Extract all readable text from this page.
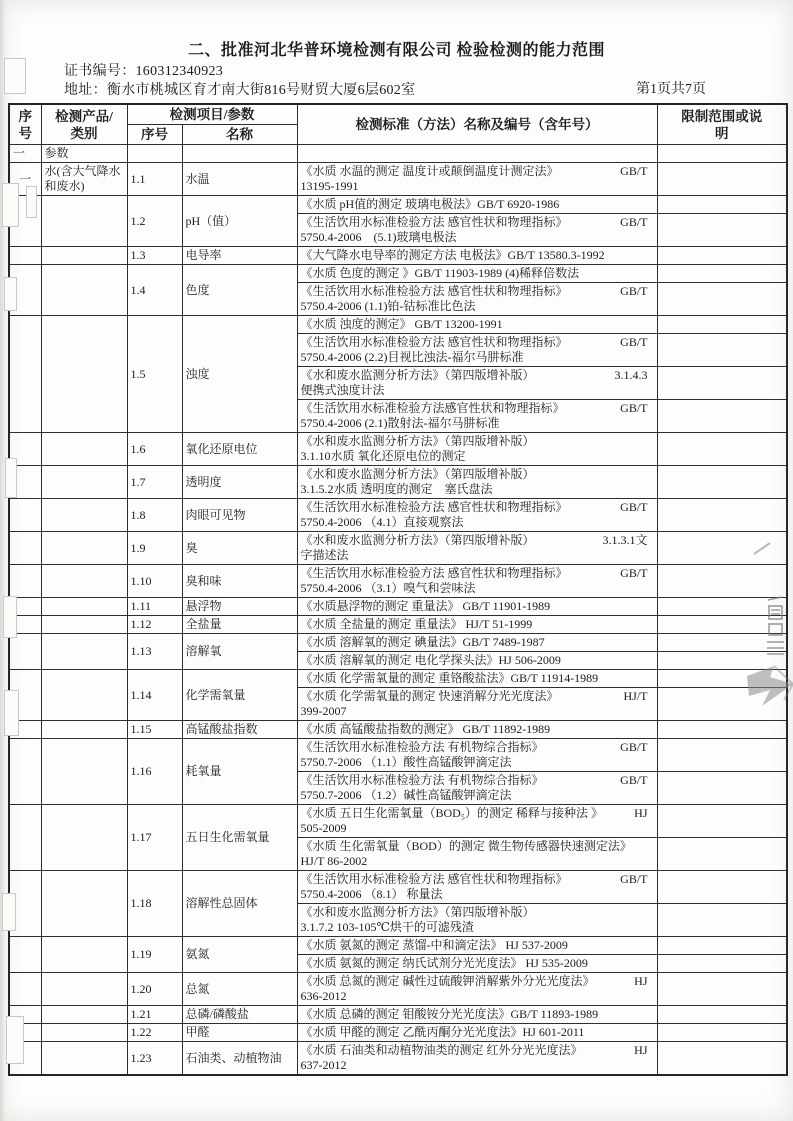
二、批准河北华普环境检测有限公司 检验检测的能力范围
证书编号：160312340923
地址：衡水市桃城区育才南大街816号财贸大厦6层602室	第1页共7页
序号	检测产品/类别	检测项目/参数		检测标准（方法）名称及编号（含年号）	限制范围或说明

		序号	名称		

一	参数				
一	水(含大气降水和废水)	1.1	水温	《水质 水温的测定 温度计或颠倒温度计测定法》 GB/T
13195-1991	

		1.2	pH（值）	《水质 pH值的测定 玻璃电极法》GB/T 6920-1986	

				《生活饮用水标准检验方法 感官性状和物理指标》 GB/T
5750.4-2006　(5.1)玻璃电极法	

		1.3	电导率	《大气降水电导率的测定方法 电极法》GB/T 13580.3-1992	

		1.4	色度	《水质 色度的测定 》GB/T 11903-1989 (4)稀释倍数法	

				《生活饮用水标准检验方法 感官性状和物理指标》 GB/T
5750.4-2006 (1.1)铂-钴标准比色法	

		1.5	浊度	《水质 浊度的测定》 GB/T 13200-1991	

				《生活饮用水标准检验方法 感官性状和物理指标》 GB/T
5750.4-2006 (2.2)目视比浊法-福尔马肼标准	

				《水和废水监测分析方法》（第四版增补版） 3.1.4.3
便携式浊度计法	

				《生活饮用水标准检验方法感官性状和物理指标》 GB/T
5750.4-2006 (2.1)散射法-福尔马肼标准	

		1.6	氧化还原电位	《水和废水监测分析方法》（第四版增补版）
3.1.10水质 氧化还原电位的测定	

		1.7	透明度	《水和废水监测分析方法》（第四版增补版）
3.1.5.2水质 透明度的测定　塞氏盘法	

		1.8	肉眼可见物	《生活饮用水标准检验方法 感官性状和物理指标》 GB/T
5750.4-2006 （4.1）直接观察法	

		1.9	臭	《水和废水监测分析方法》（第四版增补版） 3.1.3.1文
字描述法	

		1.10	臭和味	《生活饮用水标准检验方法 感官性状和物理指标》 GB/T
5750.4-2006 （3.1）嗅气和尝味法	

		1.11	悬浮物	《水质悬浮物的测定 重量法》 GB/T 11901-1989	

		1.12	全盐量	《水质 全盐量的测定 重量法》 HJ/T 51-1999	

		1.13	溶解氧	《水质 溶解氧的测定 碘量法》GB/T 7489-1987	

				《水质 溶解氧的测定 电化学探头法》HJ 506-2009	

		1.14	化学需氧量	《水质 化学需氧量的测定 重铬酸盐法》GB/T 11914-1989	

				《水质 化学需氧量的测定 快速消解分光光度法》 HJ/T
399-2007	

		1.15	高锰酸盐指数	《水质 高锰酸盐指数的测定》 GB/T 11892-1989	

		1.16	耗氧量	《生活饮用水标准检验方法 有机物综合指标》 GB/T
5750.7-2006 （1.1）酸性高锰酸钾滴定法	

				《生活饮用水标准检验方法 有机物综合指标》 GB/T
5750.7-2006 （1.2）碱性高锰酸钾滴定法	

		1.17	五日生化需氧量	《水质 五日生化需氧量（BOD₅）的测定 稀释与接种法 》 HJ
505-2009	

				《水质 生化需氧量（BOD）的测定 微生物传感器快速测定法》
HJ/T 86-2002	

		1.18	溶解性总固体	《生活饮用水标准检验方法 感官性状和物理指标》 GB/T
5750.4-2006 （8.1） 称量法	

				《水和废水监测分析方法》（第四版增补版）
3.1.7.2 103-105℃烘干的可滤残渣	

		1.19	氨氮	《水质 氨氮的测定 蒸馏-中和滴定法》 HJ 537-2009	

				《水质 氨氮的测定 纳氏试剂分光光度法》 HJ 535-2009	

		1.20	总氮	《水质 总氮的测定 碱性过硫酸钾消解紫外分光光度法》 HJ
636-2012	

		1.21	总磷/磷酸盐	《水质 总磷的测定 钼酸铵分光光度法》GB/T 11893-1989	

		1.22	甲醛	《水质 甲醛的测定 乙酰丙酮分光光度法》HJ 601-2011	

		1.23	石油类、动植物油	《水质 石油类和动植物油类的测定 红外分光光度法》 HJ
637-2012	
